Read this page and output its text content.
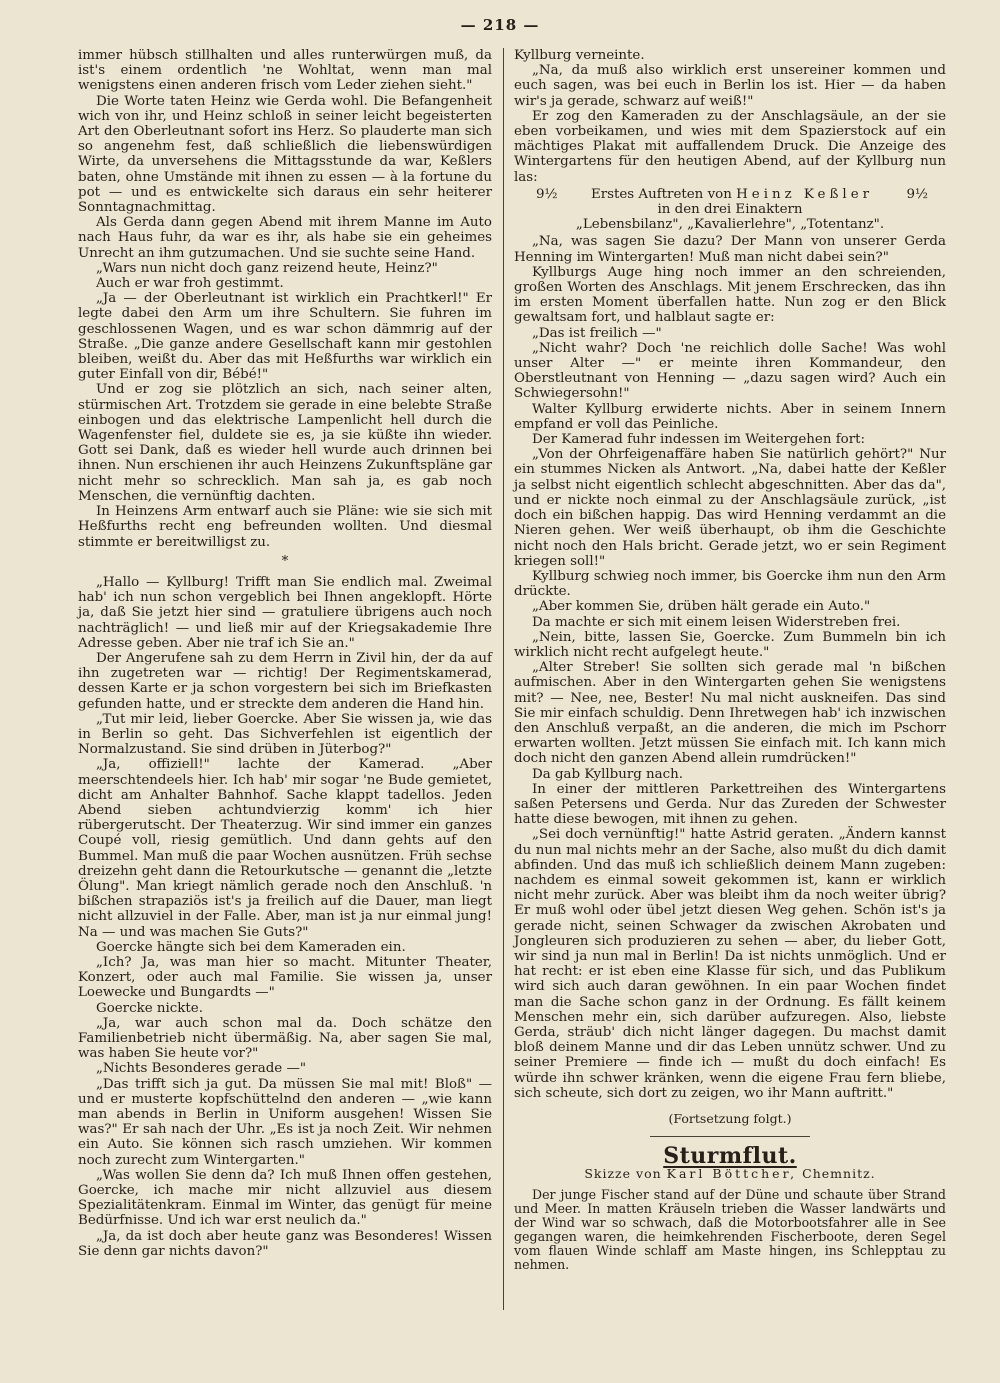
— 218 —

immer hübsch stillhalten und alles runterwürgen muß, da ist's einem ordentlich 'ne Wohltat, wenn man mal wenigstens einen anderen frisch vom Leder ziehen sieht."

Die Worte taten Heinz wie Gerda wohl. Die Befangenheit wich von ihr, und Heinz schloß in seiner leicht begeisterten Art den Oberleutnant sofort ins Herz. So plauderte man sich so angenehm fest, daß schließlich die liebenswürdigen Wirte, da unversehens die Mittagsstunde da war, Keßlers baten, ohne Umstände mit ihnen zu essen — à la fortune du pot — und es entwickelte sich daraus ein sehr heiterer Sonntagnachmittag.

Als Gerda dann gegen Abend mit ihrem Manne im Auto nach Haus fuhr, da war es ihr, als habe sie ein geheimes Unrecht an ihm gutzumachen. Und sie suchte seine Hand.

„Wars nun nicht doch ganz reizend heute, Heinz?"

Auch er war froh gestimmt.

„Ja — der Oberleutnant ist wirklich ein Prachtkerl!" Er legte dabei den Arm um ihre Schultern. Sie fuhren im geschlossenen Wagen, und es war schon dämmrig auf der Straße. „Die ganze andere Gesellschaft kann mir gestohlen bleiben, weißt du. Aber das mit Heßfurths war wirklich ein guter Einfall von dir, Bébé!"

Und er zog sie plötzlich an sich, nach seiner alten, stürmischen Art. Trotzdem sie gerade in eine belebte Straße einbogen und das elektrische Lampenlicht hell durch die Wagenfenster fiel, duldete sie es, ja sie küßte ihn wieder. Gott sei Dank, daß es wieder hell wurde auch drinnen bei ihnen. Nun erschienen ihr auch Heinzens Zukunftspläne gar nicht mehr so schrecklich. Man sah ja, es gab noch Menschen, die vernünftig dachten.

In Heinzens Arm entwarf auch sie Pläne: wie sie sich mit Heßfurths recht eng befreunden wollten. Und diesmal stimmte er bereitwilligst zu.

*

„Hallo — Kyllburg! Trifft man Sie endlich mal. Zweimal hab' ich nun schon vergeblich bei Ihnen angeklopft. Hörte ja, daß Sie jetzt hier sind — gratuliere übrigens auch noch nachträglich! — und ließ mir auf der Kriegsakademie Ihre Adresse geben. Aber nie traf ich Sie an."

Der Angerufene sah zu dem Herrn in Zivil hin, der da auf ihn zugetreten war — richtig! Der Regimentskamerad, dessen Karte er ja schon vorgestern bei sich im Briefkasten gefunden hatte, und er streckte dem anderen die Hand hin.

„Tut mir leid, lieber Goercke. Aber Sie wissen ja, wie das in Berlin so geht. Das Sichverfehlen ist eigentlich der Normalzustand. Sie sind drüben in Jüterbog?"

„Ja, offiziell!" lachte der Kamerad. „Aber meerschtendeels hier. Ich hab' mir sogar 'ne Bude gemietet, dicht am Anhalter Bahnhof. Sache klappt tadellos. Jeden Abend sieben achtundvierzig komm' ich hier rübergerutscht. Der Theaterzug. Wir sind immer ein ganzes Coupé voll, riesig gemütlich. Und dann gehts auf den Bummel. Man muß die paar Wochen ausnützen. Früh sechse dreizehn geht dann die Retourkutsche — genannt die „letzte Ölung". Man kriegt nämlich gerade noch den Anschluß. 'n bißchen strapaziös ist's ja freilich auf die Dauer, man liegt nicht allzuviel in der Falle. Aber, man ist ja nur einmal jung! Na — und was machen Sie Guts?"

Goercke hängte sich bei dem Kameraden ein.

„Ich? Ja, was man hier so macht. Mitunter Theater, Konzert, oder auch mal Familie. Sie wissen ja, unser Loewecke und Bungardts —"

Goercke nickte.

„Ja, war auch schon mal da. Doch schätze den Familienbetrieb nicht übermäßig. Na, aber sagen Sie mal, was haben Sie heute vor?"

„Nichts Besonderes gerade —"

„Das trifft sich ja gut. Da müssen Sie mal mit! Bloß" — und er musterte kopfschüttelnd den anderen — „wie kann man abends in Berlin in Uniform ausgehen! Wissen Sie was?" Er sah nach der Uhr. „Es ist ja noch Zeit. Wir nehmen ein Auto. Sie können sich rasch umziehen. Wir kommen noch zurecht zum Wintergarten."

„Was wollen Sie denn da? Ich muß Ihnen offen gestehen, Goercke, ich mache mir nicht allzuviel aus diesem Spezialitätenkram. Einmal im Winter, das genügt für meine Bedürfnisse. Und ich war erst neulich da."

„Ja, da ist doch aber heute ganz was Besonderes! Wissen Sie denn gar nichts davon?"

Kyllburg verneinte.

„Na, da muß also wirklich erst unsereiner kommen und euch sagen, was bei euch in Berlin los ist. Hier — da haben wir's ja gerade, schwarz auf weiß!"

Er zog den Kameraden zu der Anschlagsäule, an der sie eben vorbeikamen, und wies mit dem Spazierstock auf ein mächtiges Plakat mit auffallendem Druck. Die Anzeige des Wintergartens für den heutigen Abend, auf der Kyllburg nun las:

9½ Erstes Auftreten von Heinz Keßler 9½
in den drei Einaktern
„Lebensbilanz", „Kavalierlehre", „Totentanz".

„Na, was sagen Sie dazu? Der Mann von unserer Gerda Henning im Wintergarten! Muß man nicht dabei sein?"

Kyllburgs Auge hing noch immer an den schreienden, großen Worten des Anschlags. Mit jenem Erschrecken, das ihn im ersten Moment überfallen hatte. Nun zog er den Blick gewaltsam fort, und halblaut sagte er:

„Das ist freilich —"

„Nicht wahr? Doch 'ne reichlich dolle Sache! Was wohl unser Alter —" er meinte ihren Kommandeur, den Oberstleutnant von Henning — „dazu sagen wird? Auch ein Schwiegersohn!"

Walter Kyllburg erwiderte nichts. Aber in seinem Innern empfand er voll das Peinliche.

Der Kamerad fuhr indessen im Weitergehen fort:

„Von der Ohrfeigenaffäre haben Sie natürlich gehört?" Nur ein stummes Nicken als Antwort. „Na, dabei hatte der Keßler ja selbst nicht eigentlich schlecht abgeschnitten. Aber das da", und er nickte noch einmal zu der Anschlagsäule zurück, „ist doch ein bißchen happig. Das wird Henning verdammt an die Nieren gehen. Wer weiß überhaupt, ob ihm die Geschichte nicht noch den Hals bricht. Gerade jetzt, wo er sein Regiment kriegen soll!"

Kyllburg schwieg noch immer, bis Goercke ihm nun den Arm drückte.

„Aber kommen Sie, drüben hält gerade ein Auto."

Da machte er sich mit einem leisen Widerstreben frei.

„Nein, bitte, lassen Sie, Goercke. Zum Bummeln bin ich wirklich nicht recht aufgelegt heute."

„Alter Streber! Sie sollten sich gerade mal 'n bißchen aufmischen. Aber in den Wintergarten gehen Sie wenigstens mit? — Nee, nee, Bester! Nu mal nicht auskneifen. Das sind Sie mir einfach schuldig. Denn Ihretwegen hab' ich inzwischen den Anschluß verpaßt, an die anderen, die mich im Pschorr erwarten wollten. Jetzt müssen Sie einfach mit. Ich kann mich doch nicht den ganzen Abend allein rumdrücken!"

Da gab Kyllburg nach.

In einer der mittleren Parkettreihen des Wintergartens saßen Petersens und Gerda. Nur das Zureden der Schwester hatte diese bewogen, mit ihnen zu gehen.

„Sei doch vernünftig!" hatte Astrid geraten. „Ändern kannst du nun mal nichts mehr an der Sache, also mußt du dich damit abfinden. Und das muß ich schließlich deinem Mann zugeben: nachdem es einmal soweit gekommen ist, kann er wirklich nicht mehr zurück. Aber was bleibt ihm da noch weiter übrig? Er muß wohl oder übel jetzt diesen Weg gehen. Schön ist's ja gerade nicht, seinen Schwager da zwischen Akrobaten und Jongleuren sich produzieren zu sehen — aber, du lieber Gott, wir sind ja nun mal in Berlin! Da ist nichts unmöglich. Und er hat recht: er ist eben eine Klasse für sich, und das Publikum wird sich auch daran gewöhnen. In ein paar Wochen findet man die Sache schon ganz in der Ordnung. Es fällt keinem Menschen mehr ein, sich darüber aufzuregen. Also, liebste Gerda, sträub' dich nicht länger dagegen. Du machst damit bloß deinem Manne und dir das Leben unnütz schwer. Und zu seiner Premiere — finde ich — mußt du doch einfach! Es würde ihn schwer kränken, wenn die eigene Frau fern bliebe, sich scheute, sich dort zu zeigen, wo ihr Mann auftritt."

(Fortsetzung folgt.)
Sturmflut.
Skizze von Karl Böttcher, Chemnitz.

Der junge Fischer stand auf der Düne und schaute über Strand und Meer. In matten Kräuseln trieben die Wasser landwärts und der Wind war so schwach, daß die Motorbootsfahrer alle in See gegangen waren, die heimkehrenden Fischerboote, deren Segel vom flauen Winde schlaff am Maste hingen, ins Schlepptau zu nehmen.
